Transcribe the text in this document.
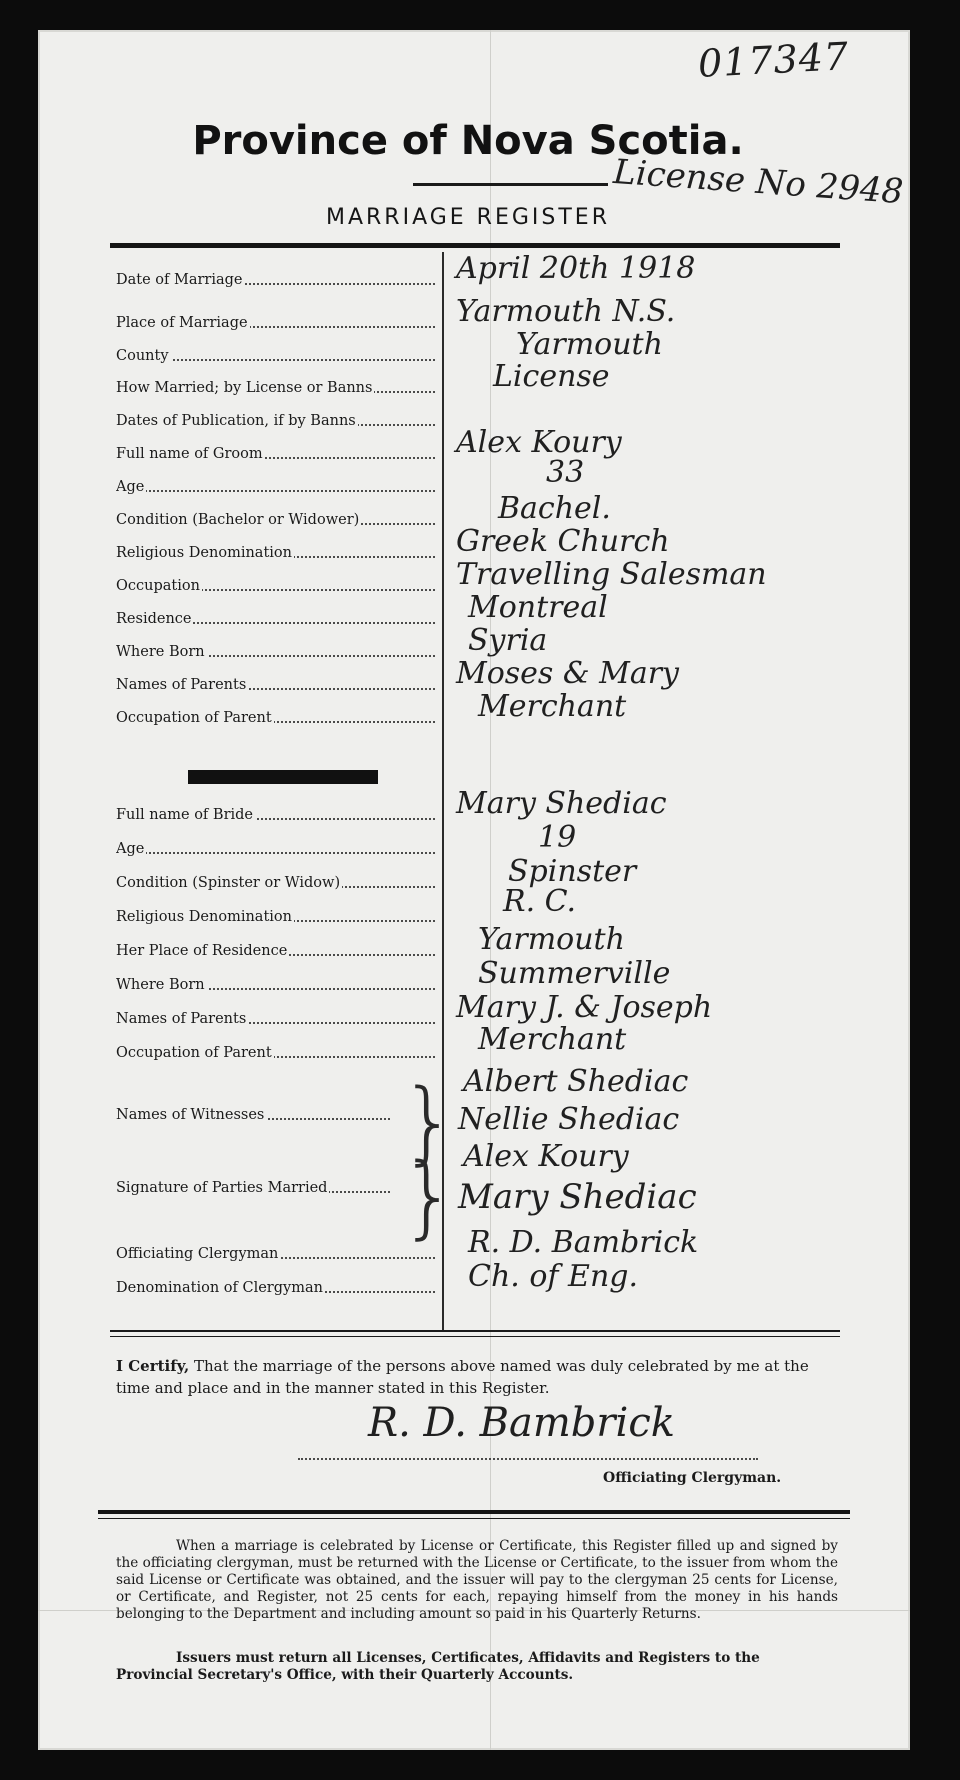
017347
Province of Nova Scotia.
License No 2948
MARRIAGE REGISTER
Date of Marriage	April 20th 1918
Place of Marriage	Yarmouth N.S.
County	Yarmouth
How Married; by License or Banns	License
Dates of Publication, if by Banns
Full name of Groom	Alex Koury
Age	33
Condition (Bachelor or Widower)	Bachel.
Religious Denomination	Greek Church
Occupation	Travelling Salesman
Residence	Montreal
Where Born	Syria
Names of Parents	Moses & Mary
Occupation of Parent	Merchant
Full name of Bride	Mary Shediac
Age	19
Condition (Spinster or Widow)	Spinster
Religious Denomination	R. C.
Her Place of Residence	Yarmouth
Where Born	Summerville
Names of Parents	Mary J. & Joseph
Occupation of Parent	Merchant
Names of Witnesses	} Albert Shediac
Nellie Shediac
Signature of Parties Married } Alex Koury
Mary Shediac
Officiating Clergyman	R. D. Bambrick
Denomination of Clergyman	Ch. of Eng.
I Certify, That the marriage of the persons above named was duly celebrated by me at the time and place and in the manner stated in this Register.
R. D. Bambrick
Officiating Clergyman.
When a marriage is celebrated by License or Certificate, this Register filled up and signed by the officiating clergyman, must be returned with the License or Certificate, to the issuer from whom the said License or Certificate was obtained, and the issuer will pay to the clergyman 25 cents for License, or Certificate, and Register, not 25 cents for each, repaying himself from the money in his hands belonging to the Department and including amount so paid in his Quarterly Returns.
Issuers must return all Licenses, Certificates, Affidavits and Registers to the Provincial Secretary's Office, with their Quarterly Accounts.
